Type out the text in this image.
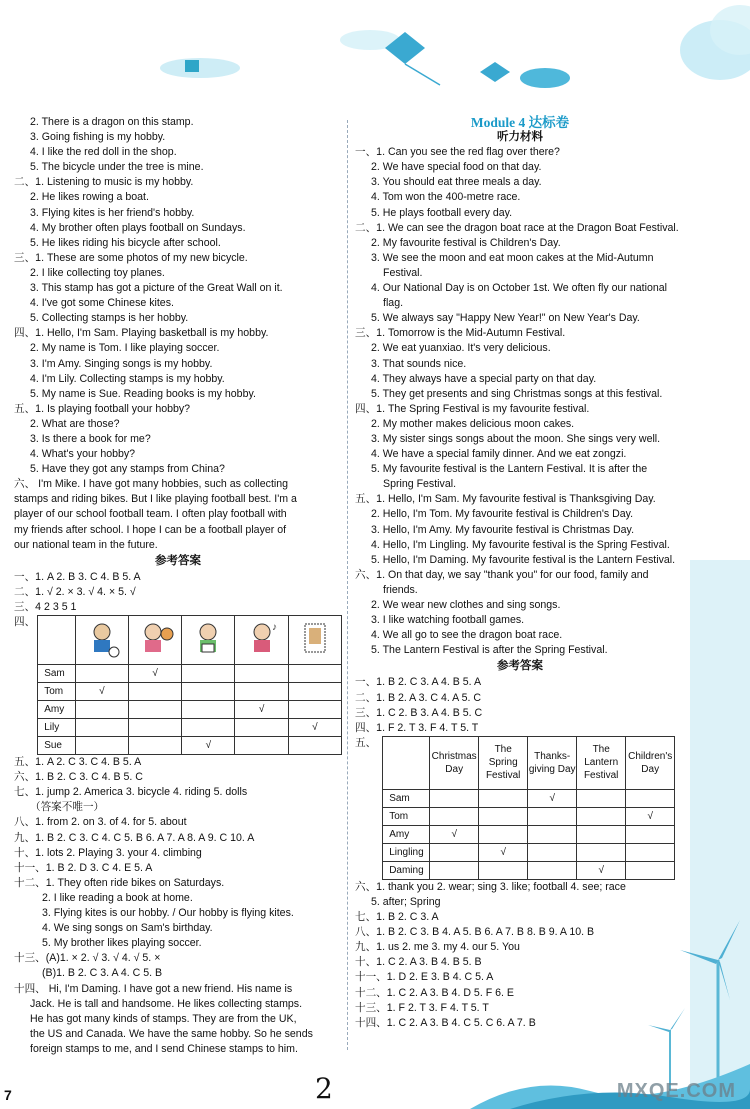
2. There is a dragon on this stamp.
3. Going fishing is my hobby.
4. I like the red doll in the shop.
5. The bicycle under the tree is mine.
二、1. Listening to music is my hobby.
2. He likes rowing a boat.
3. Flying kites is her friend's hobby.
4. My brother often plays football on Sundays.
5. He likes riding his bicycle after school.
三、1. These are some photos of my new bicycle.
2. I like collecting toy planes.
3. This stamp has got a picture of the Great Wall on it.
4. I've got some Chinese kites.
5. Collecting stamps is her hobby.
四、1. Hello, I'm Sam. Playing basketball is my hobby.
2. My name is Tom. I like playing soccer.
3. I'm Amy. Singing songs is my hobby.
4. I'm Lily. Collecting stamps is my hobby.
5. My name is Sue. Reading books is my hobby.
五、1. Is playing football your hobby?
2. What are those?
3. Is there a book for me?
4. What's your hobby?
5. Have they got any stamps from China?
六、 I'm Mike. I have got many hobbies, such as collecting
stamps and riding bikes. But I like playing football best. I'm a
player of our school football team. I often play football with
my friends after school. I hope I can be a football player of
our national team in the future.
参考答案
一、1. A 2. B 3. C 4. B 5. A
二、1. √ 2. × 3. √ 4. × 5. √
三、4 2 3 5 1
四、
					♪

Sam		√			
Tom	√				
Amy				√	
Lily					√
Sue			√		
五、1. A 2. C 3. C 4. B 5. A
六、1. B 2. C 3. C 4. B 5. C
七、1. jump 2. America 3. bicycle 4. riding 5. dolls
（答案不唯一）
八、1. from 2. on 3. of 4. for 5. about
九、1. B 2. C 3. C 4. C 5. B 6. A 7. A 8. A 9. C 10. A
十、1. lots 2. Playing 3. your 4. climbing
十一、1. B 2. D 3. C 4. E 5. A
十二、1. They often ride bikes on Saturdays.
2. I like reading a book at home.
3. Flying kites is our hobby. / Our hobby is flying kites.
4. We sing songs on Sam's birthday.
5. My brother likes playing soccer.
十三、(A)1. × 2. √ 3. √ 4. √ 5. ×
(B)1. B 2. C 3. A 4. C 5. B
十四、 Hi, I'm Daming. I have got a new friend. His name is
Jack. He is tall and handsome. He likes collecting stamps.
He has got many kinds of stamps. They are from the UK,
the US and Canada. We have the same hobby. So he sends
foreign stamps to me, and I send Chinese stamps to him.
Module 4 达标卷
听力材料
一、1. Can you see the red flag over there?
2. We have special food on that day.
3. You should eat three meals a day.
4. Tom won the 400-metre race.
5. He plays football every day.
二、1. We can see the dragon boat race at the Dragon Boat Festival.
2. My favourite festival is Children's Day.
3. We see the moon and eat moon cakes at the Mid-Autumn
Festival.
4. Our National Day is on October 1st. We often fly our national
flag.
5. We always say "Happy New Year!" on New Year's Day.
三、1. Tomorrow is the Mid-Autumn Festival.
2. We eat yuanxiao. It's very delicious.
3. That sounds nice.
4. They always have a special party on that day.
5. They get presents and sing Christmas songs at this festival.
四、1. The Spring Festival is my favourite festival.
2. My mother makes delicious moon cakes.
3. My sister sings songs about the moon. She sings very well.
4. We have a special family dinner. And we eat zongzi.
5. My favourite festival is the Lantern Festival. It is after the
Spring Festival.
五、1. Hello, I'm Sam. My favourite festival is Thanksgiving Day.
2. Hello, I'm Tom. My favourite festival is Children's Day.
3. Hello, I'm Amy. My favourite festival is Christmas Day.
4. Hello, I'm Lingling. My favourite festival is the Spring Festival.
5. Hello, I'm Daming. My favourite festival is the Lantern Festival.
六、1. On that day, we say "thank you" for our food, family and
friends.
2. We wear new clothes and sing songs.
3. I like watching football games.
4. We all go to see the dragon boat race.
5. The Lantern Festival is after the Spring Festival.
参考答案
一、1. B 2. C 3. A 4. B 5. A
二、1. B 2. A 3. C 4. A 5. C
三、1. C 2. B 3. A 4. B 5. C
四、1. F 2. T 3. F 4. T 5. T
五、
	Christmas Day	The Spring Festival	Thanks-giving Day	The Lantern Festival	Children's Day
Sam			√		
Tom					√
Amy	√				
Lingling		√			
Daming				√	
六、1. thank you 2. wear; sing 3. like; football 4. see; race
5. after; Spring
七、1. B 2. C 3. A
八、1. B 2. C 3. B 4. A 5. B 6. A 7. B 8. B 9. A 10. B
九、1. us 2. me 3. my 4. our 5. You
十、1. C 2. A 3. B 4. B 5. B
十一、1. D 2. E 3. B 4. C 5. A
十二、1. C 2. A 3. B 4. D 5. F 6. E
十三、1. F 2. T 3. F 4. T 5. T
十四、1. C 2. A 3. B 4. C 5. C 6. A 7. B
7	2	MXQE.COM
